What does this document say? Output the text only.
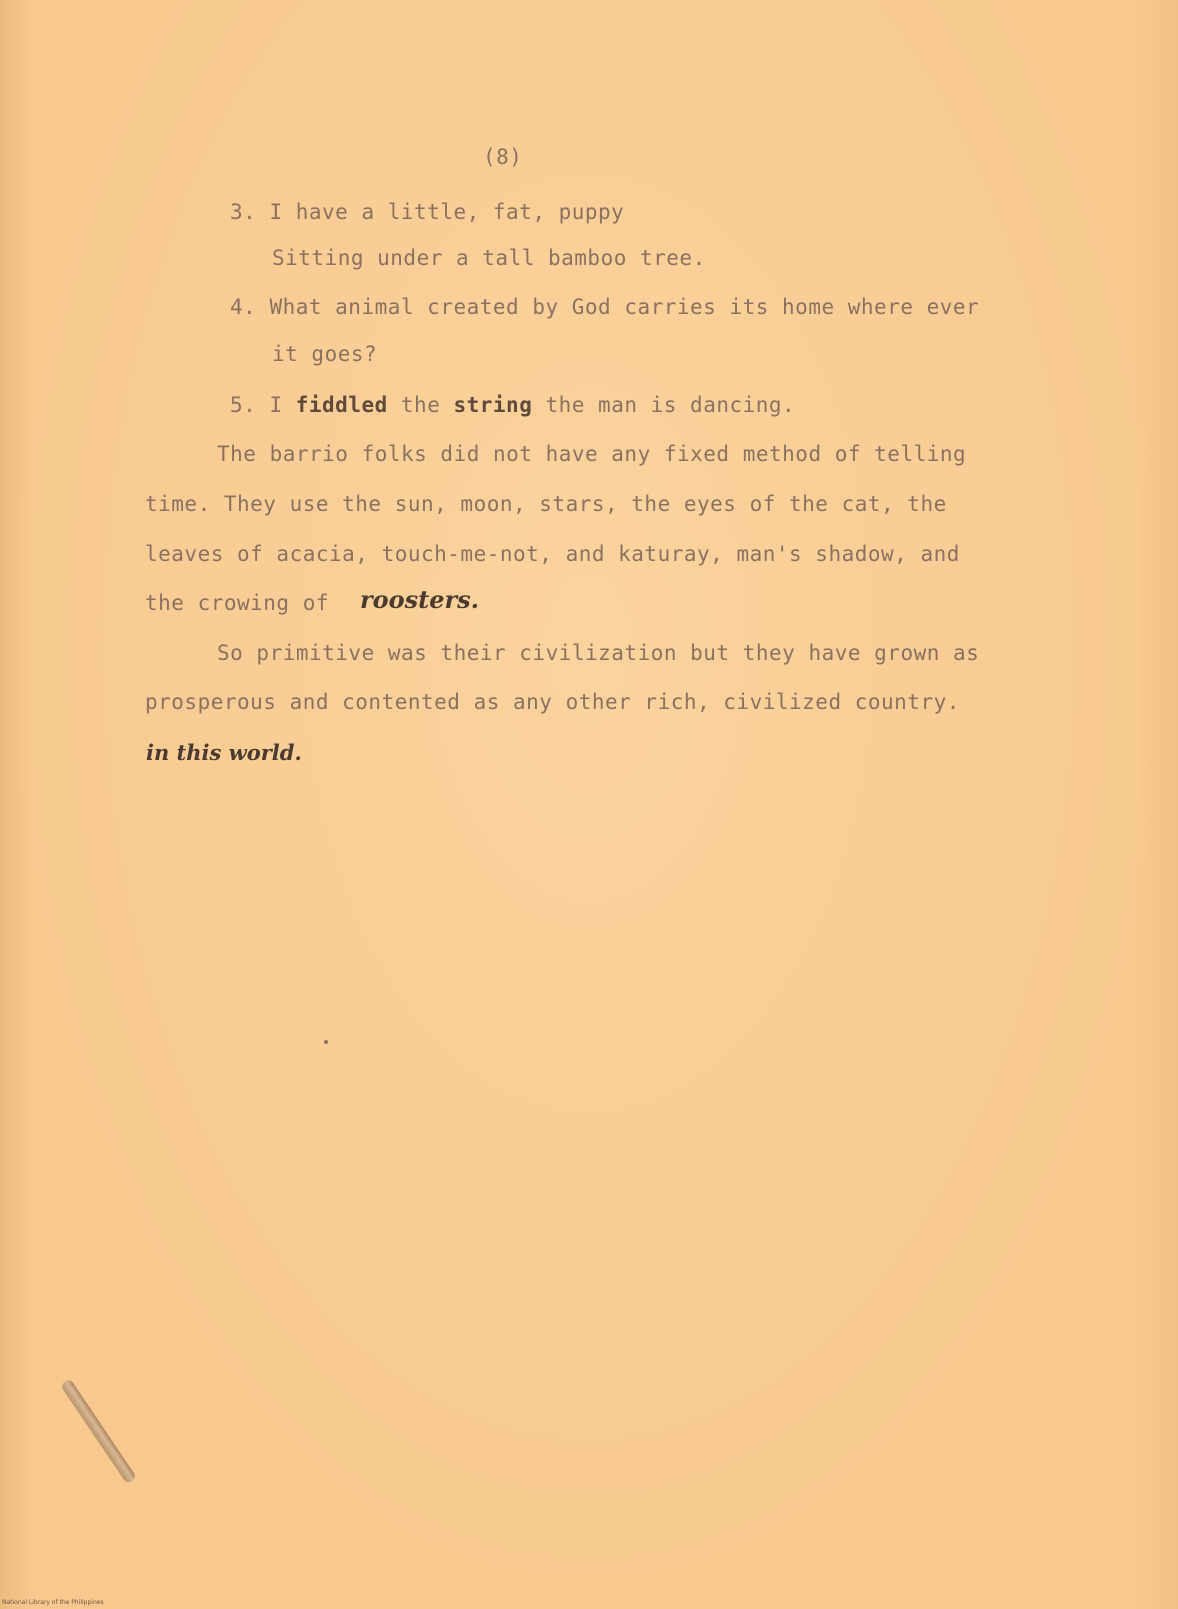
(8)
3. I have a little, fat, puppy
Sitting under a tall bamboo tree.
4. What animal created by God carries its home where ever
it goes?
5. I fiddled the string the man is dancing.
The barrio folks did not have any fixed method of telling
time. They use the sun, moon, stars, the eyes of the cat, the
leaves of acacia, touch-me-not, and katuray, man's shadow, and
the crowing of roosters.
So primitive was their civilization but they have grown as
prosperous and contented as any other rich, civilized country.
in this world.
National Library of the Philippines
